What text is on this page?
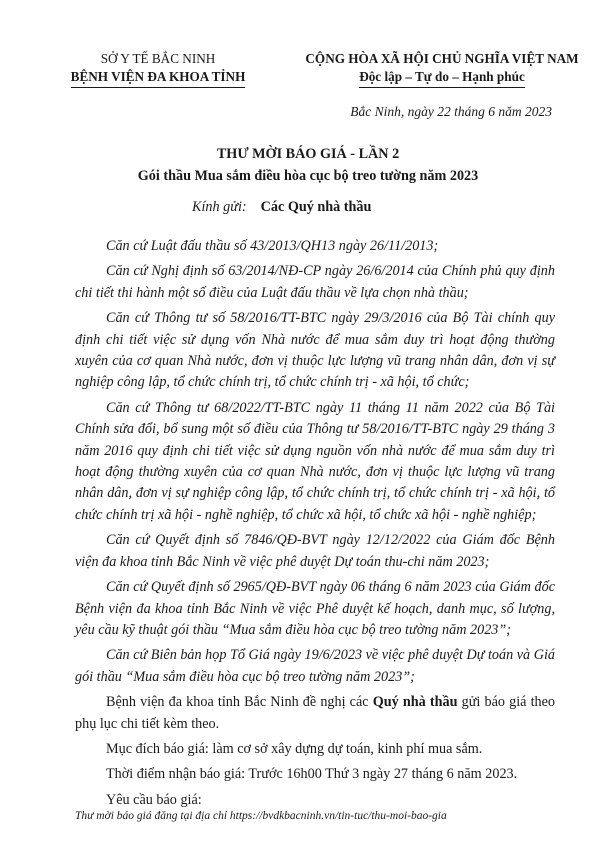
SỞ Y TẾ BẮC NINH
BỆNH VIỆN ĐA KHOA TỈNH
CỘNG HÒA XÃ HỘI CHỦ NGHĨA VIỆT NAM
Độc lập – Tự do – Hạnh phúc
Bắc Ninh, ngày 22 tháng 6 năm 2023
THƯ MỜI BÁO GIÁ - LẦN 2
Gói thầu Mua sắm điều hòa cục bộ treo tường năm 2023
Kính gửi: Các Quý nhà thầu

Căn cứ Luật đấu thầu số 43/2013/QH13 ngày 26/11/2013;

Căn cứ Nghị định số 63/2014/NĐ-CP ngày 26/6/2014 của Chính phủ quy định chi tiết thi hành một số điều của Luật đấu thầu về lựa chọn nhà thầu;

Căn cứ Thông tư số 58/2016/TT-BTC ngày 29/3/2016 của Bộ Tài chính quy định chi tiết việc sử dụng vốn Nhà nước để mua sắm duy trì hoạt động thường xuyên của cơ quan Nhà nước, đơn vị thuộc lực lượng vũ trang nhân dân, đơn vị sự nghiệp công lập, tổ chức chính trị, tổ chức chính trị - xã hội, tổ chức;

Căn cứ Thông tư 68/2022/TT-BTC ngày 11 tháng 11 năm 2022 của Bộ Tài Chính sửa đổi, bổ sung một số điều của Thông tư 58/2016/TT-BTC ngày 29 tháng 3 năm 2016 quy định chi tiết việc sử dụng nguồn vốn nhà nước để mua sắm duy trì hoạt động thường xuyên của cơ quan Nhà nước, đơn vị thuộc lực lượng vũ trang nhân dân, đơn vị sự nghiệp công lập, tổ chức chính trị, tổ chức chính trị - xã hội, tổ chức chính trị xã hội - nghề nghiệp, tổ chức xã hội, tổ chức xã hội - nghề nghiệp;

Căn cứ Quyết định số 7846/QĐ-BVT ngày 12/12/2022 của Giám đốc Bệnh viện đa khoa tỉnh Bắc Ninh về việc phê duyệt Dự toán thu-chi năm 2023;

Căn cứ Quyết định số 2965/QĐ-BVT ngày 06 tháng 6 năm 2023 của Giám đốc Bệnh viện đa khoa tỉnh Bắc Ninh về việc Phê duyệt kế hoạch, danh mục, số lượng, yêu cầu kỹ thuật gói thầu “Mua sắm điều hòa cục bộ treo tường năm 2023”;

Căn cứ Biên bản họp Tổ Giá ngày 19/6/2023 về việc phê duyệt Dự toán và Giá gói thầu “Mua sắm điều hòa cục bộ treo tường năm 2023”;

Bệnh viện đa khoa tỉnh Bắc Ninh đề nghị các Quý nhà thầu gửi báo giá theo phụ lục chi tiết kèm theo.

Mục đích báo giá: làm cơ sở xây dựng dự toán, kinh phí mua sắm.

Thời điểm nhận báo giá: Trước 16h00 Thứ 3 ngày 27 tháng 6 năm 2023.

Yêu cầu báo giá:

Thư mời báo giá đăng tại địa chỉ https://bvdkbacninh.vn/tin-tuc/thu-moi-bao-gia
